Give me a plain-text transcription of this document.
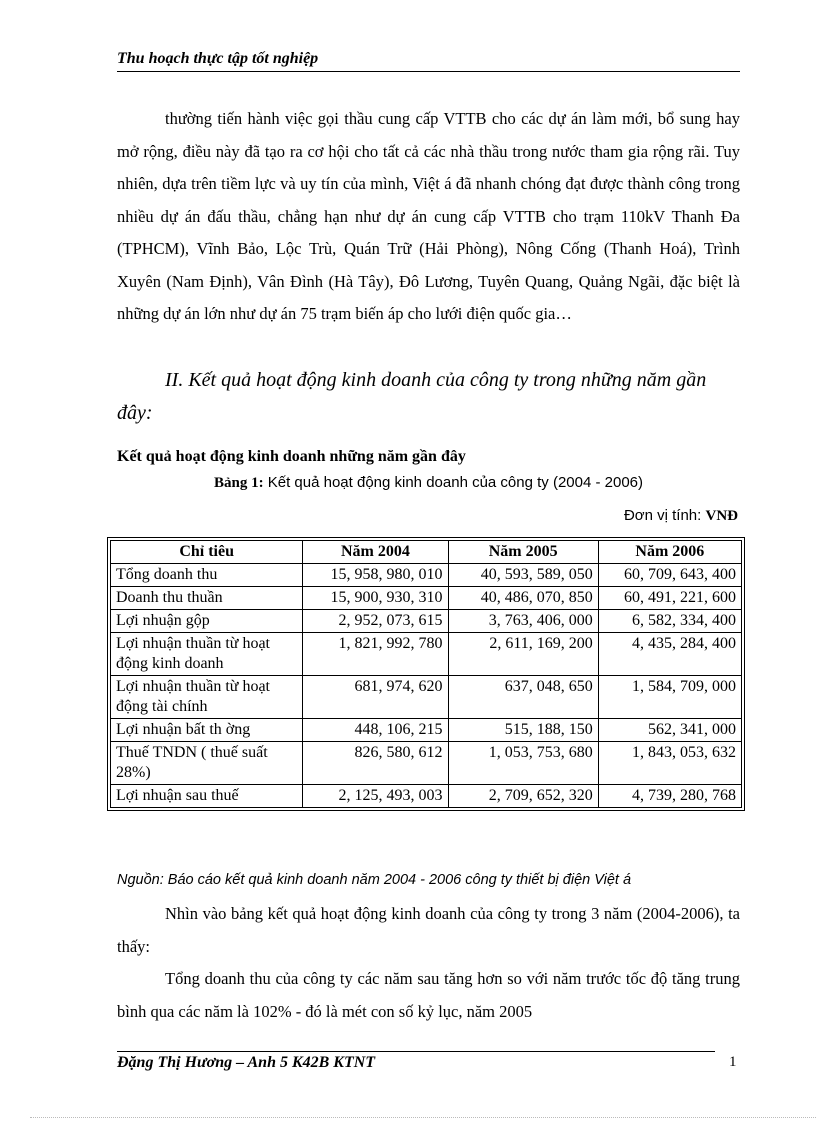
Thu hoạch thực tập tốt nghiệp
thường tiến hành việc gọi thầu cung cấp VTTB cho các dự án làm mới, bổ sung hay mở rộng, điều này đã tạo ra cơ hội cho tất cả các nhà thầu trong nước tham gia rộng rãi. Tuy nhiên, dựa trên tiềm lực và uy tín của mình, Việt á đã nhanh chóng đạt được thành công trong nhiều dự án đấu thầu, chẳng hạn như dự án cung cấp VTTB cho trạm 110kV Thanh Đa (TPHCM), Vĩnh Bảo, Lộc Trù, Quán Trữ (Hải Phòng), Nông Cống (Thanh Hoá), Trình Xuyên (Nam Định), Vân Đình (Hà Tây), Đô Lương, Tuyên Quang, Quảng Ngãi, đặc biệt là những dự án lớn như dự án 75 trạm biến áp cho lưới điện quốc gia…
II. Kết quả hoạt động kinh doanh của công ty trong những năm gần đây:
Kết quả hoạt động kinh doanh những năm gần đây
Bảng 1: Kết quả hoạt động kinh doanh của công ty (2004 - 2006)
Đơn vị tính: VNĐ
Chỉ tiêu	Năm 2004	Năm 2005	Năm 2006
Tổng doanh thu	15, 958, 980, 010	40, 593, 589, 050	60, 709, 643, 400
Doanh thu thuần	15, 900, 930, 310	40, 486, 070, 850	60, 491, 221, 600
Lợi nhuận gộp	2, 952, 073, 615	3, 763, 406, 000	6, 582, 334, 400
Lợi nhuận thuần từ hoạt động kinh doanh	1, 821, 992, 780	2, 611, 169, 200	4, 435, 284, 400
Lợi nhuận thuần từ hoạt động tài chính	681, 974, 620	637, 048, 650	1, 584, 709, 000
Lợi nhuận bất th ờng	448, 106, 215	515, 188, 150	562, 341, 000
Thuế TNDN ( thuế suất 28%)	826, 580, 612	1, 053, 753, 680	1, 843, 053, 632
Lợi nhuận sau thuế	2, 125, 493, 003	2, 709, 652, 320	4, 739, 280, 768
Nguồn: Báo cáo kết quả kinh doanh năm 2004 - 2006 công ty thiết bị điện Việt á
Nhìn vào bảng kết quả hoạt động kinh doanh của công ty trong 3 năm (2004-2006), ta thấy:
Tổng doanh thu của công ty các năm sau tăng hơn so với năm trước tốc độ tăng trung bình qua các năm là 102% - đó là mét con số kỷ lục, năm 2005
Đặng Thị Hương – Anh 5 K42B KTNT	1
